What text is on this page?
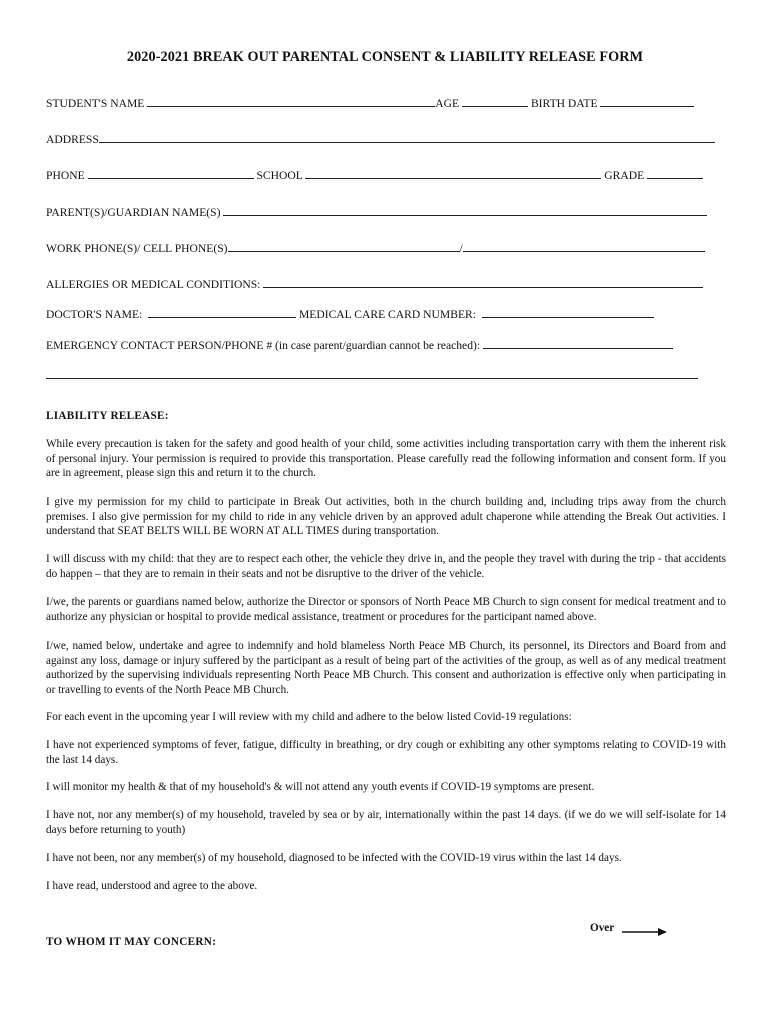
2020-2021 BREAK OUT PARENTAL CONSENT & LIABILITY RELEASE FORM
STUDENT'S NAME	AGE	BIRTH DATE
ADDRESS
PHONE	SCHOOL	GRADE
PARENT(S)/GUARDIAN NAME(S)
WORK PHONE(S)/ CELL PHONE(S)	/
ALLERGIES OR MEDICAL CONDITIONS:
DOCTOR'S NAME:	MEDICAL CARE CARD NUMBER:
EMERGENCY CONTACT PERSON/PHONE # (in case parent/guardian cannot be reached):
LIABILITY RELEASE:

While every precaution is taken for the safety and good health of your child, some activities including transportation carry with them the inherent risk of personal injury. Your permission is required to provide this transportation. Please carefully read the following information and consent form. If you are in agreement, please sign this and return it to the church.

I give my permission for my child to participate in Break Out activities, both in the church building and, including trips away from the church premises. I also give permission for my child to ride in any vehicle driven by an approved adult chaperone while attending the Break Out activities. I understand that SEAT BELTS WILL BE WORN AT ALL TIMES during transportation.

I will discuss with my child: that they are to respect each other, the vehicle they drive in, and the people they travel with during the trip - that accidents do happen – that they are to remain in their seats and not be disruptive to the driver of the vehicle.

I/we, the parents or guardians named below, authorize the Director or sponsors of North Peace MB Church to sign consent for medical treatment and to authorize any physician or hospital to provide medical assistance, treatment or procedures for the participant named above.

I/we, named below, undertake and agree to indemnify and hold blameless North Peace MB Church, its personnel, its Directors and Board from and against any loss, damage or injury suffered by the participant as a result of being part of the activities of the group, as well as of any medical treatment authorized by the supervising individuals representing North Peace MB Church. This consent and authorization is effective only when participating in or travelling to events of the North Peace MB Church.

For each event in the upcoming year I will review with my child and adhere to the below listed Covid-19 regulations:

I have not experienced symptoms of fever, fatigue, difficulty in breathing, or dry cough or exhibiting any other symptoms relating to COVID-19 with the last 14 days.

I will monitor my health & that of my household's & will not attend any youth events if COVID-19 symptoms are present.

I have not, nor any member(s) of my household, traveled by sea or by air, internationally within the past 14 days. (if we do we will self-isolate for 14 days before returning to youth)

I have not been, nor any member(s) of my household, diagnosed to be infected with the COVID-19 virus within the last 14 days.

I have read, understood and agree to the above.

Over
TO WHOM IT MAY CONCERN:
